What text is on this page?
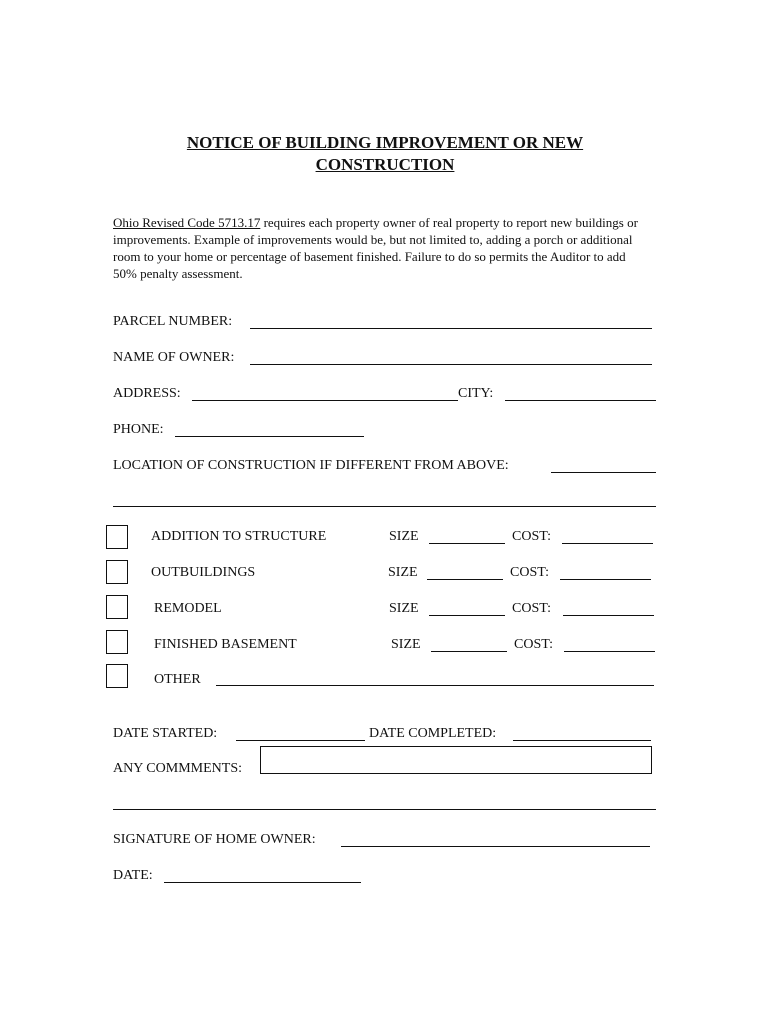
NOTICE OF BUILDING IMPROVEMENT OR NEW
CONSTRUCTION
Ohio Revised Code 5713.17 requires each property owner of real property to report new buildings or improvements. Example of improvements would be, but not limited to, adding a porch or additional room to your home or percentage of basement finished. Failure to do so permits the Auditor to add 50% penalty assessment.
PARCEL NUMBER:
NAME OF OWNER:
ADDRESS:	CITY:
PHONE:
LOCATION OF CONSTRUCTION IF DIFFERENT FROM ABOVE:
ADDITION TO STRUCTURE	SIZE	COST:
OUTBUILDINGS	SIZE	COST:
REMODEL	SIZE	COST:
FINISHED BASEMENT	SIZE	COST:
OTHER
DATE STARTED:	DATE COMPLETED:
ANY COMMMENTS:
SIGNATURE OF HOME OWNER:
DATE:
